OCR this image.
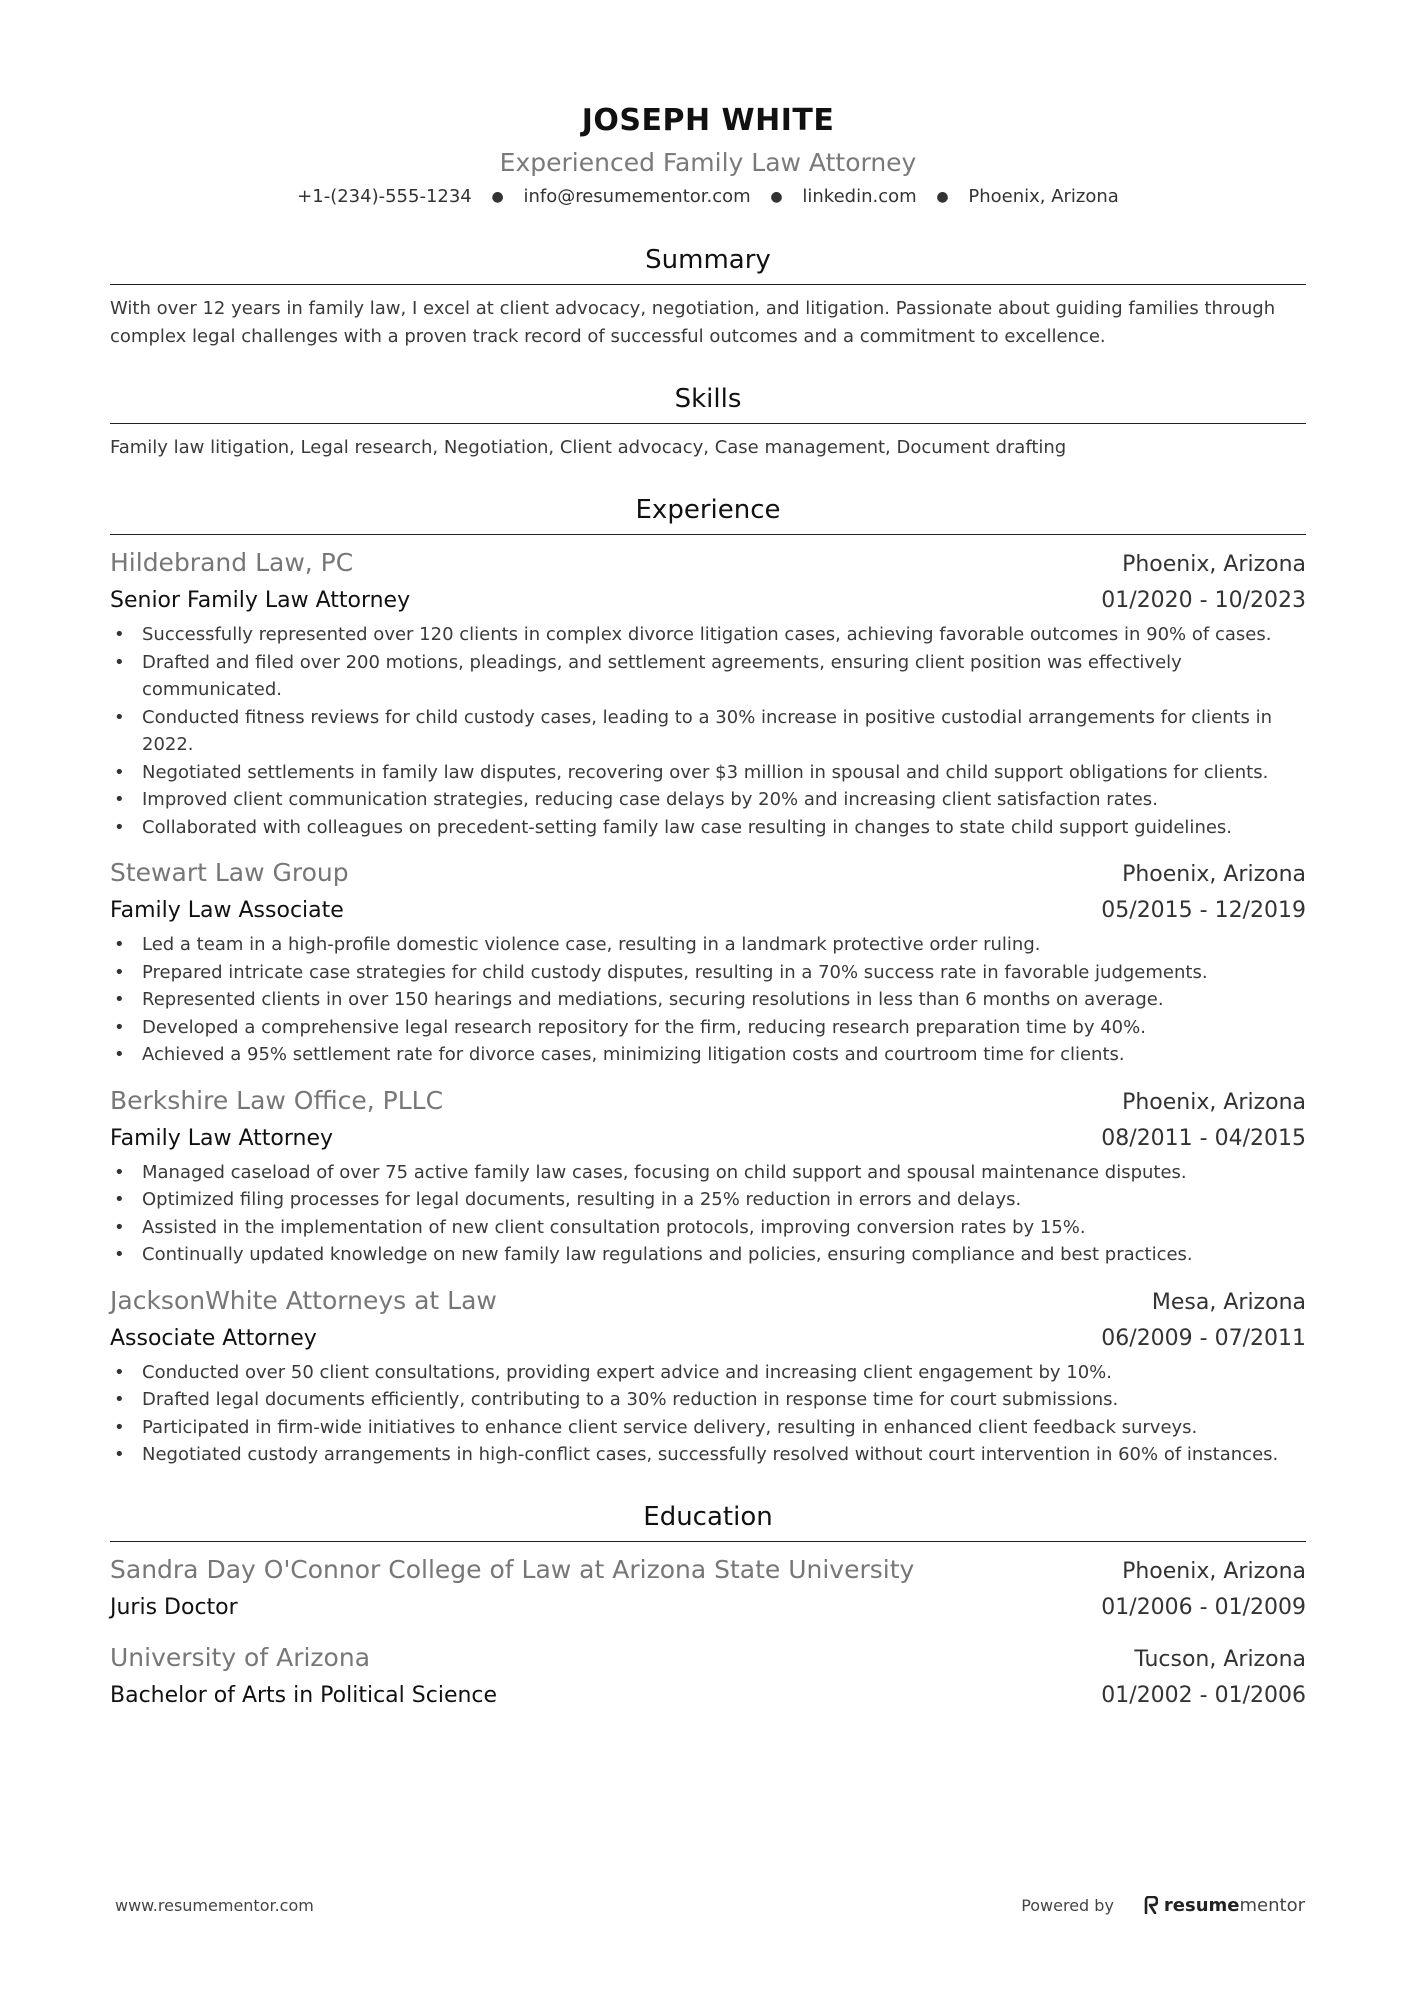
JOSEPH WHITE
Experienced Family Law Attorney
+1-(234)-555-1234 ● info@resumementor.com ● linkedin.com ● Phoenix, Arizona
Summary
With over 12 years in family law, I excel at client advocacy, negotiation, and litigation. Passionate about guiding families through complex legal challenges with a proven track record of successful outcomes and a commitment to excellence.
Skills
Family law litigation, Legal research, Negotiation, Client advocacy, Case management, Document drafting
Experience
Hildebrand Law, PC	Phoenix, Arizona
Senior Family Law Attorney	01/2020 - 10/2023
• Successfully represented over 120 clients in complex divorce litigation cases, achieving favorable outcomes in 90% of cases.
• Drafted and filed over 200 motions, pleadings, and settlement agreements, ensuring client position was effectively communicated.
• Conducted fitness reviews for child custody cases, leading to a 30% increase in positive custodial arrangements for clients in 2022.
• Negotiated settlements in family law disputes, recovering over $3 million in spousal and child support obligations for clients.
• Improved client communication strategies, reducing case delays by 20% and increasing client satisfaction rates.
• Collaborated with colleagues on precedent-setting family law case resulting in changes to state child support guidelines.
Stewart Law Group	Phoenix, Arizona
Family Law Associate	05/2015 - 12/2019
• Led a team in a high-profile domestic violence case, resulting in a landmark protective order ruling.
• Prepared intricate case strategies for child custody disputes, resulting in a 70% success rate in favorable judgements.
• Represented clients in over 150 hearings and mediations, securing resolutions in less than 6 months on average.
• Developed a comprehensive legal research repository for the firm, reducing research preparation time by 40%.
• Achieved a 95% settlement rate for divorce cases, minimizing litigation costs and courtroom time for clients.
Berkshire Law Office, PLLC	Phoenix, Arizona
Family Law Attorney	08/2011 - 04/2015
• Managed caseload of over 75 active family law cases, focusing on child support and spousal maintenance disputes.
• Optimized filing processes for legal documents, resulting in a 25% reduction in errors and delays.
• Assisted in the implementation of new client consultation protocols, improving conversion rates by 15%.
• Continually updated knowledge on new family law regulations and policies, ensuring compliance and best practices.
JacksonWhite Attorneys at Law	Mesa, Arizona
Associate Attorney	06/2009 - 07/2011
• Conducted over 50 client consultations, providing expert advice and increasing client engagement by 10%.
• Drafted legal documents efficiently, contributing to a 30% reduction in response time for court submissions.
• Participated in firm-wide initiatives to enhance client service delivery, resulting in enhanced client feedback surveys.
• Negotiated custody arrangements in high-conflict cases, successfully resolved without court intervention in 60% of instances.
Education
Sandra Day O'Connor College of Law at Arizona State University	Phoenix, Arizona
Juris Doctor	01/2006 - 01/2009
University of Arizona	Tucson, Arizona
Bachelor of Arts in Political Science	01/2002 - 01/2006
www.resumementor.com	Powered by	resume mentor
